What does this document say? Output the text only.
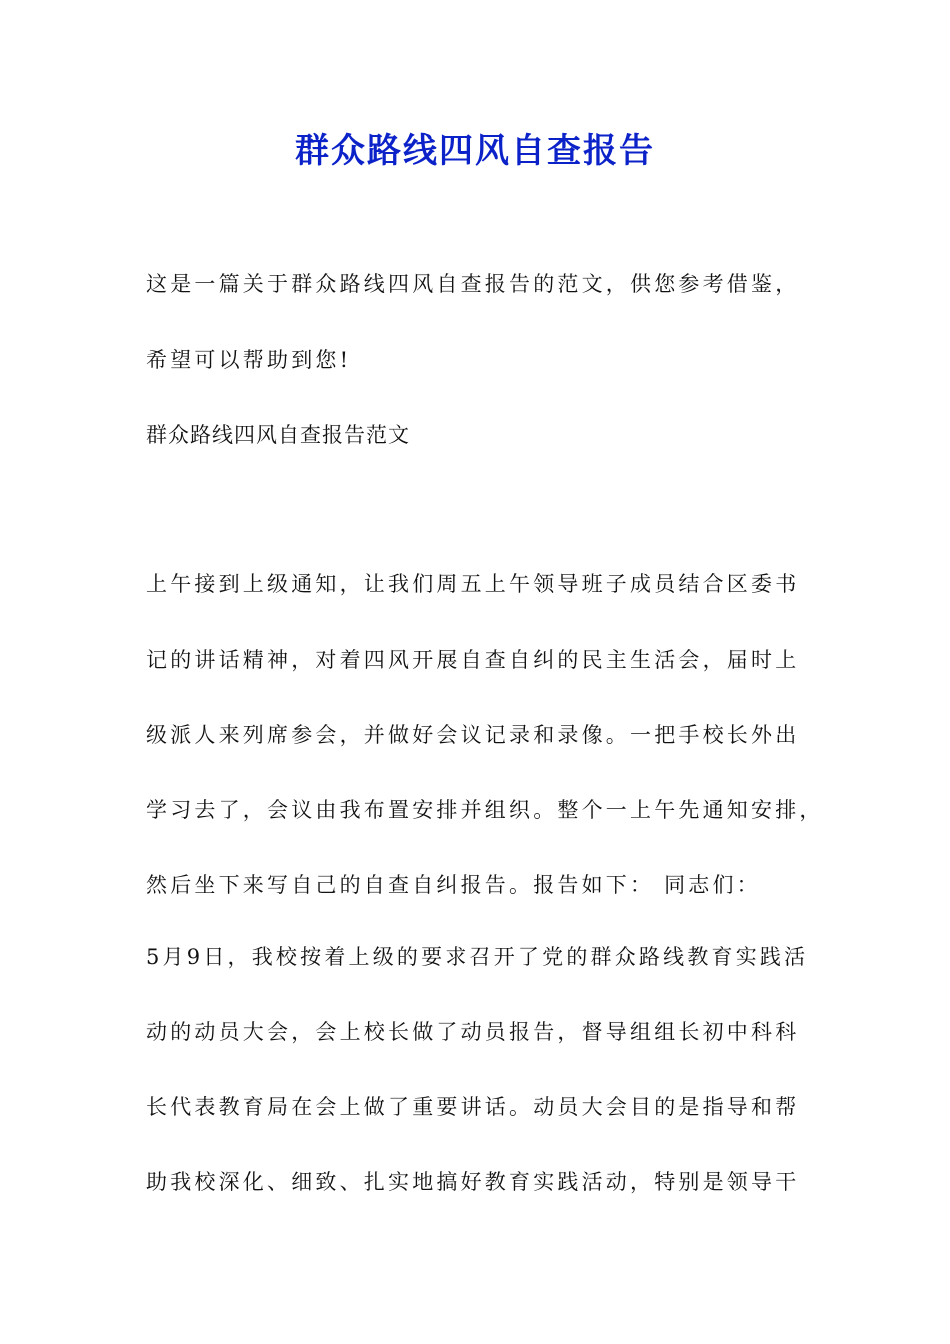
群众路线四风自查报告
这是一篇关于群众路线四风自查报告的范文，供您参考借鉴，
希望可以帮助到您!
群众路线四风自查报告范文
上午接到上级通知，让我们周五上午领导班子成员结合区委书
记的讲话精神，对着四风开展自查自纠的民主生活会，届时上
级派人来列席参会，并做好会议记录和录像。一把手校长外出
学习去了，会议由我布置安排并组织。整个一上午先通知安排，
然后坐下来写自己的自查自纠报告。报告如下： 同志们：
5月9日，我校按着上级的要求召开了党的群众路线教育实践活
动的动员大会，会上校长做了动员报告，督导组组长初中科科
长代表教育局在会上做了重要讲话。动员大会目的是指导和帮
助我校深化、细致、扎实地搞好教育实践活动，特别是领导干
